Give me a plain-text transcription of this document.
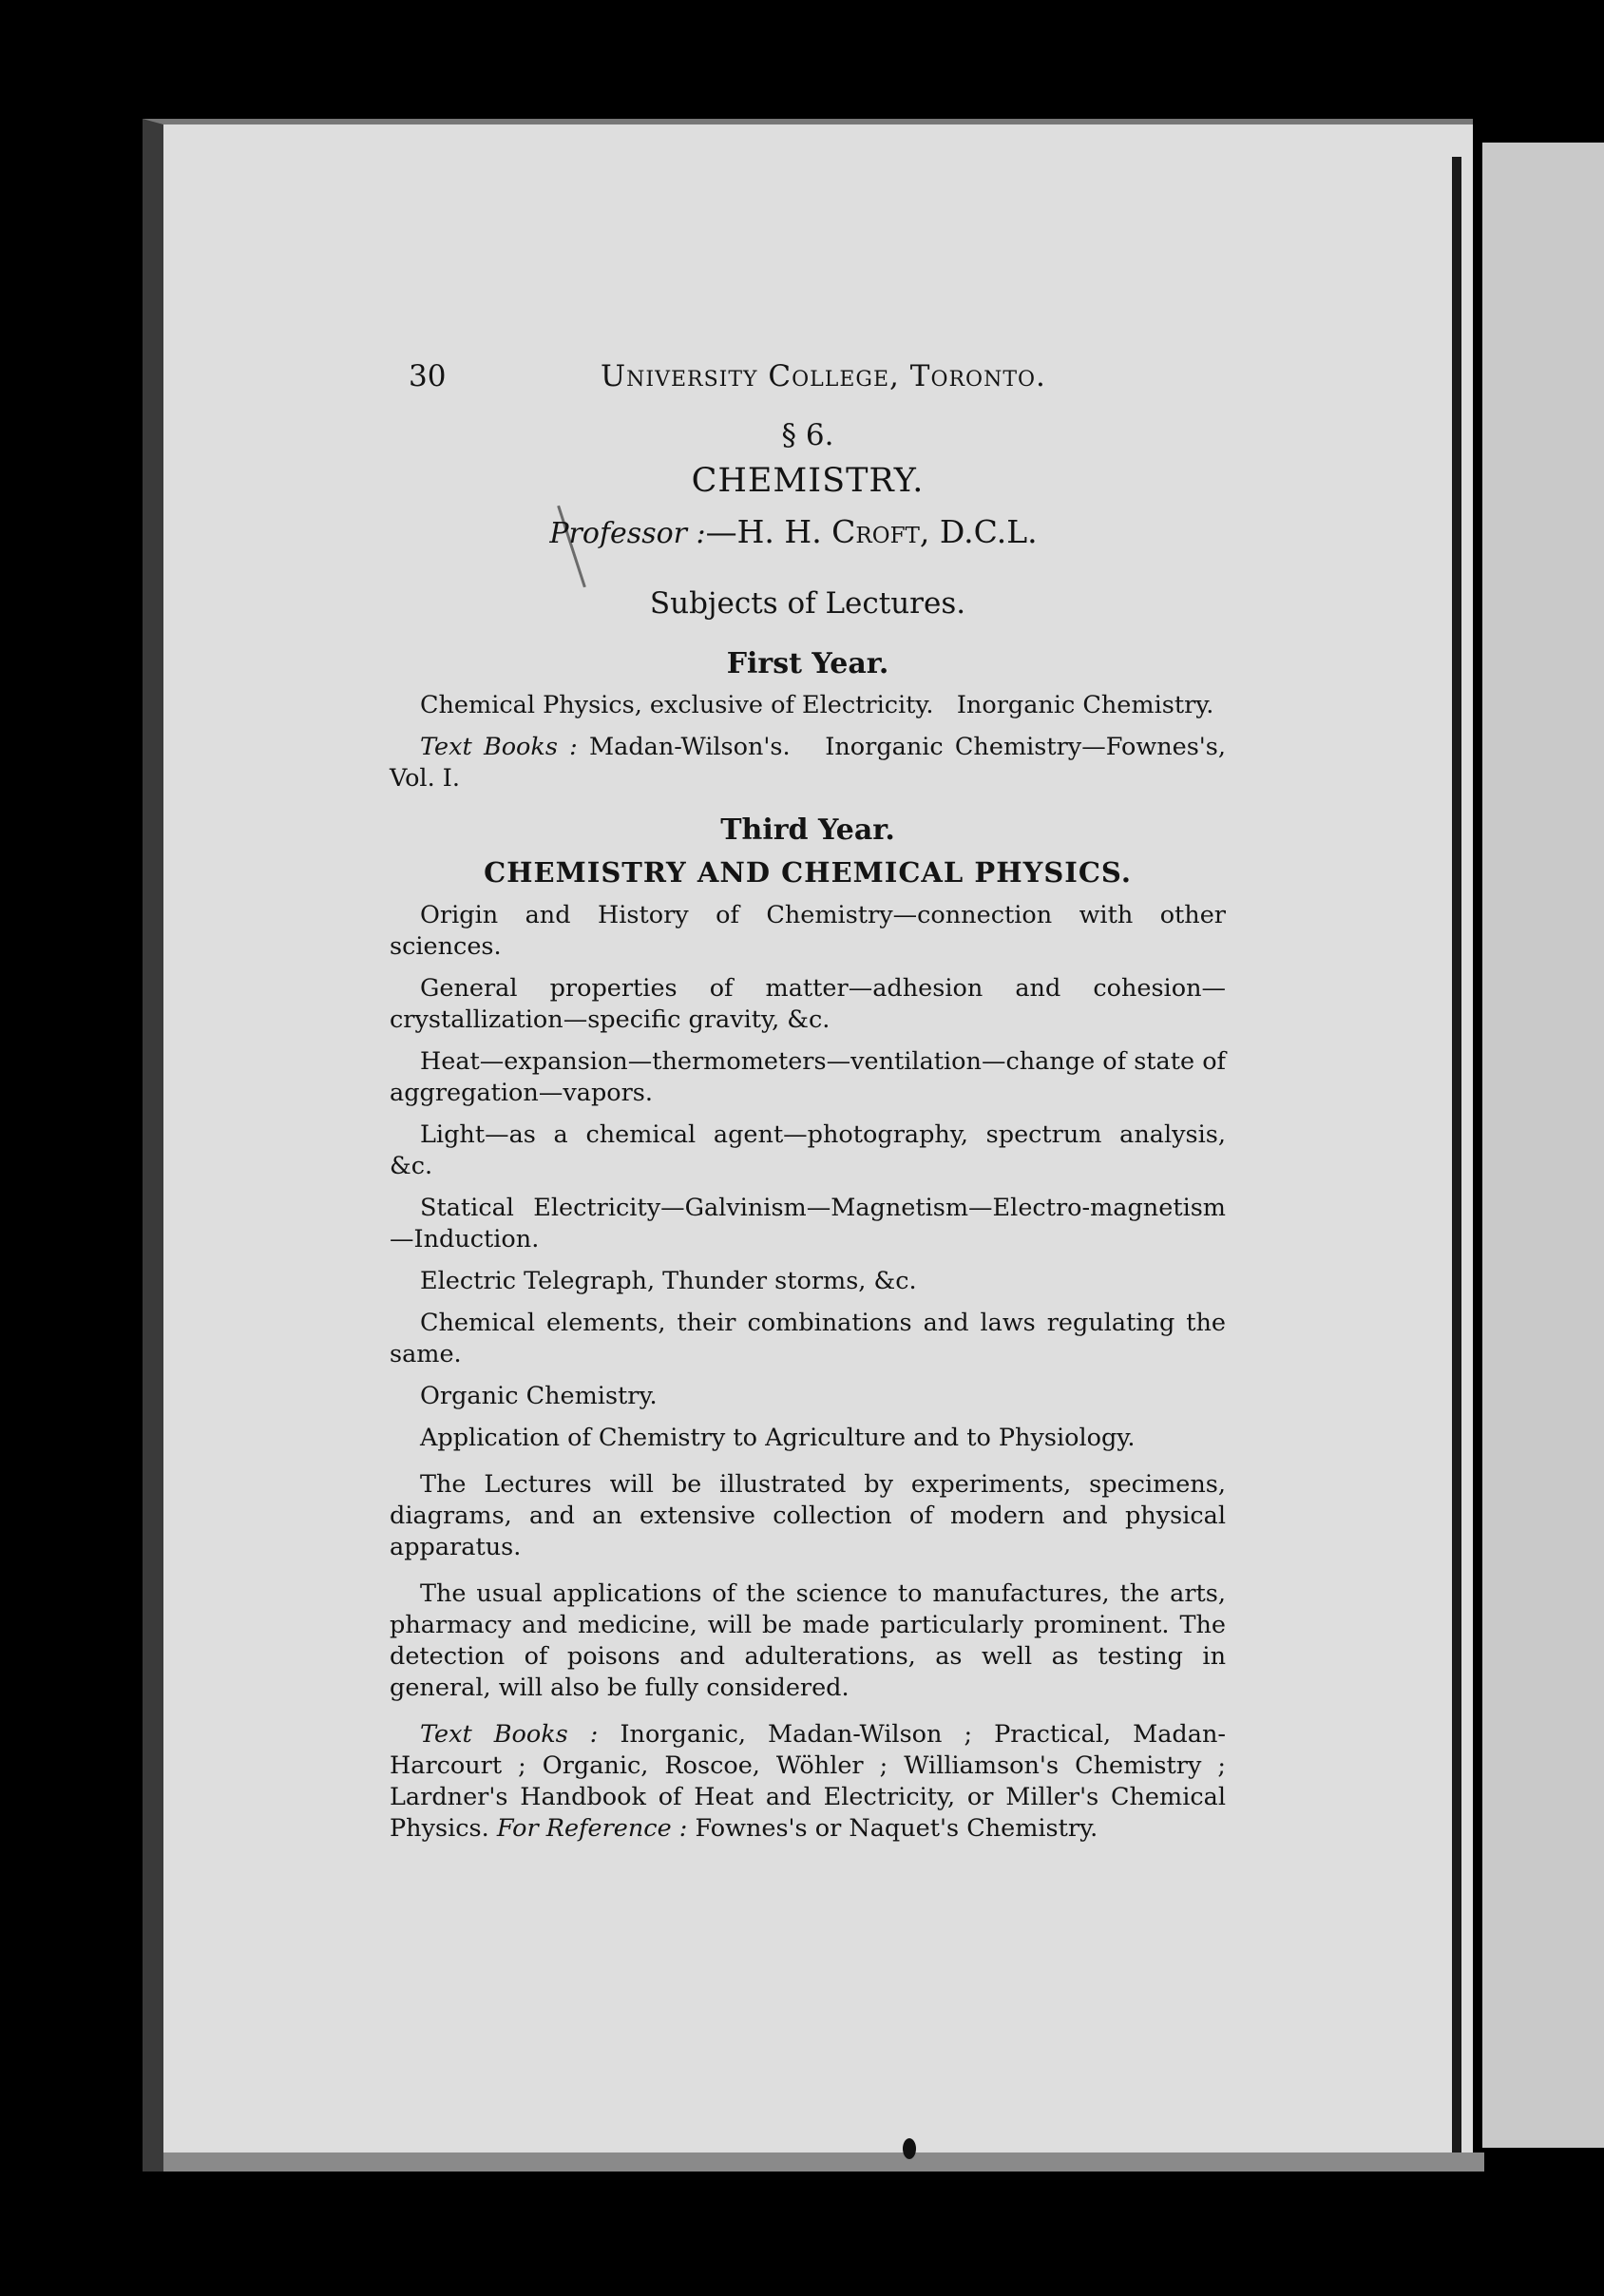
30	University College, Toronto.
§ 6.
CHEMISTRY.
Professor :—H. H. Croft, D.C.L.
Subjects of Lectures.
First Year.

Chemical Physics, exclusive of Electricity.   Inorganic Chemistry.

Text Books : Madan-Wilson's.   Inorganic Chemistry—Fownes's, Vol. I.

Third Year.
CHEMISTRY AND CHEMICAL PHYSICS.

Origin and History of Chemistry—connection with other sciences.

General properties of matter—adhesion and cohesion—crystallization—specific gravity, &c.

Heat—expansion—thermometers—ventilation—change of state of aggregation—vapors.

Light—as a chemical agent—photography, spectrum analysis, &c.

Statical Electricity—Galvinism—Magnetism—Electro-magnetism—Induction.

Electric Telegraph, Thunder storms, &c.

Chemical elements, their combinations and laws regulating the same.

Organic Chemistry.

Application of Chemistry to Agriculture and to Physiology.

The Lectures will be illustrated by experiments, specimens, diagrams, and an extensive collection of modern and physical apparatus.

The usual applications of the science to manufactures, the arts, pharmacy and medicine, will be made particularly prominent. The detection of poisons and adulterations, as well as testing in general, will also be fully considered.

Text Books : Inorganic, Madan-Wilson ; Practical, Madan-Harcourt ; Organic, Roscoe, Wöhler ; Williamson's Chemistry ; Lardner's Handbook of Heat and Electricity, or Miller's Chemical Physics. For Reference : Fownes's or Naquet's Chemistry.
